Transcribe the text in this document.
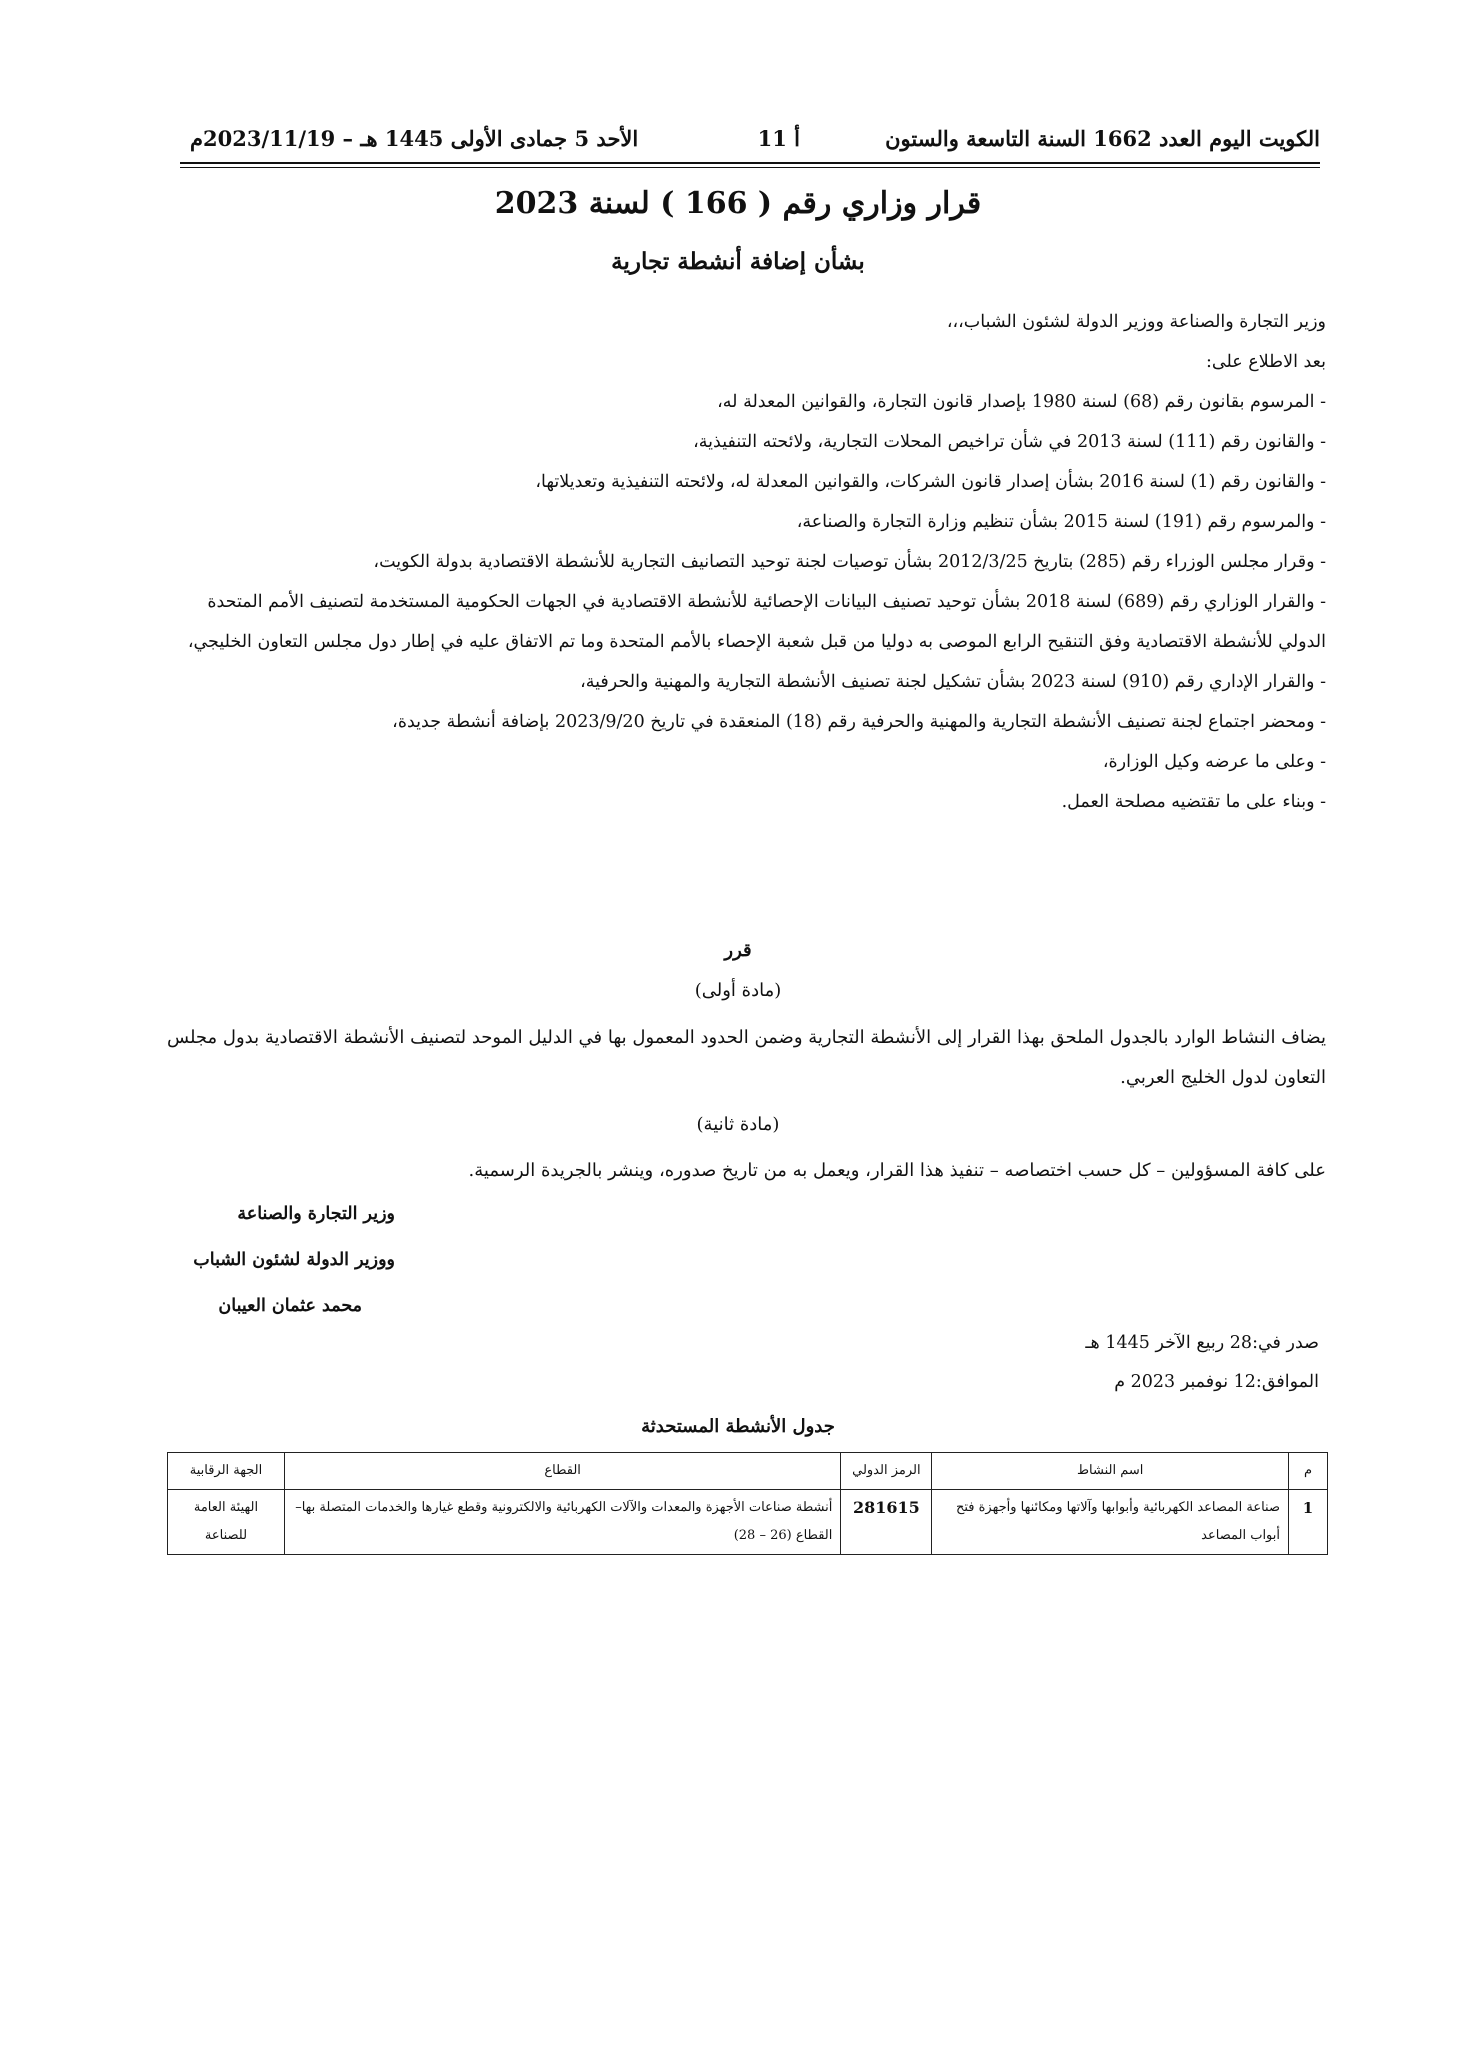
الكويت اليوم العدد 1662 السنة التاسعة والستون
أ 11
الأحد 5 جمادى الأولى 1445 هـ – 2023/11/19م
قرار وزاري رقم ( 166 ) لسنة 2023
بشأن إضافة أنشطة تجارية

وزير التجارة والصناعة ووزير الدولة لشئون الشباب،،،

بعد الاطلاع على:

- المرسوم بقانون رقم (68) لسنة 1980 بإصدار قانون التجارة، والقوانين المعدلة له،

- والقانون رقم (111) لسنة 2013 في شأن تراخيص المحلات التجارية، ولائحته التنفيذية،

- والقانون رقم (1) لسنة 2016 بشأن إصدار قانون الشركات، والقوانين المعدلة له، ولائحته التنفيذية وتعديلاتها،

- والمرسوم رقم (191) لسنة 2015 بشأن تنظيم وزارة التجارة والصناعة،

- وقرار مجلس الوزراء رقم (285) بتاريخ 2012/3/25 بشأن توصيات لجنة توحيد التصانيف التجارية للأنشطة الاقتصادية بدولة الكويت،

- والقرار الوزاري رقم (689) لسنة 2018 بشأن توحيد تصنيف البيانات الإحصائية للأنشطة الاقتصادية في الجهات الحكومية المستخدمة لتصنيف الأمم المتحدة الدولي للأنشطة الاقتصادية وفق التنقيح الرابع الموصى به دوليا من قبل شعبة الإحصاء بالأمم المتحدة وما تم الاتفاق عليه في إطار دول مجلس التعاون الخليجي،

- والقرار الإداري رقم (910) لسنة 2023 بشأن تشكيل لجنة تصنيف الأنشطة التجارية والمهنية والحرفية،

- ومحضر اجتماع لجنة تصنيف الأنشطة التجارية والمهنية والحرفية رقم (18) المنعقدة في تاريخ 2023/9/20 بإضافة أنشطة جديدة،

- وعلى ما عرضه وكيل الوزارة،

- وبناء على ما تقتضيه مصلحة العمل.

قرر
(مادة أولى)
يضاف النشاط الوارد بالجدول الملحق بهذا القرار إلى الأنشطة التجارية وضمن الحدود المعمول بها في الدليل الموحد لتصنيف الأنشطة الاقتصادية بدول مجلس التعاون لدول الخليج العربي.
(مادة ثانية)
على كافة المسؤولين – كل حسب اختصاصه – تنفيذ هذا القرار، ويعمل به من تاريخ صدوره، وينشر بالجريدة الرسمية.
وزير التجارة والصناعة
ووزير الدولة لشئون الشباب
محمد عثمان العيبان
صدر في:28 ربيع الآخر 1445 هـ
الموافق:12 نوفمبر 2023 م
جدول الأنشطة المستحدثة
م	اسم النشاط	الرمز الدولي	القطاع	الجهة الرقابية
1	صناعة المصاعد الكهربائية وأبوابها وآلاتها ومكائنها وأجهزة فتح أبواب المصاعد	281615	أنشطة صناعات الأجهزة والمعدات والآلات الكهربائية والالكترونية وقطع غيارها والخدمات المتصلة بها– القطاع (26 – 28)	الهيئة العامة للصناعة
